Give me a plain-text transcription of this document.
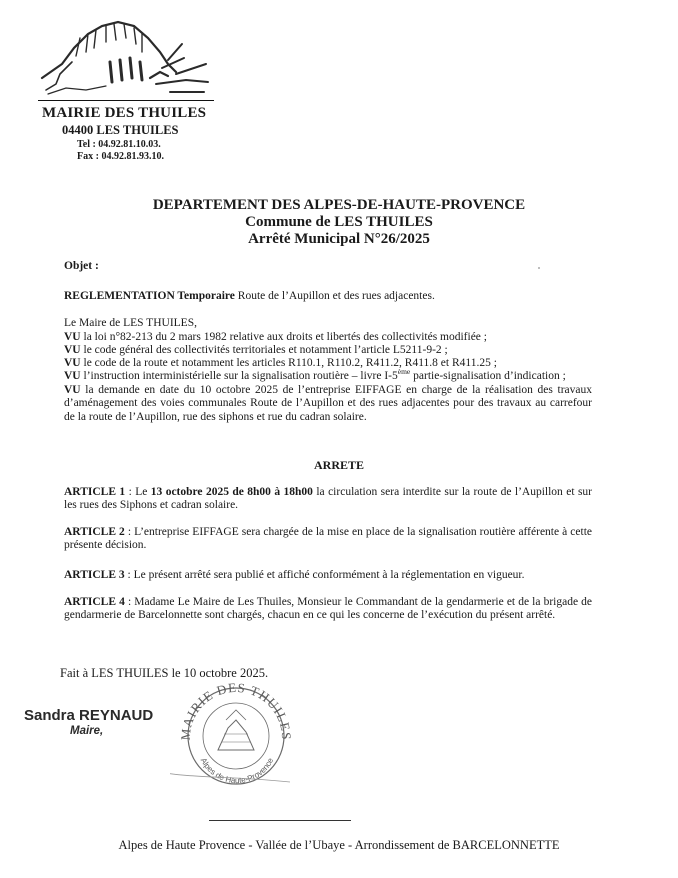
MAIRIE DES THUILES
04400 LES THUILES
Tel : 04.92.81.10.03.
Fax : 04.92.81.93.10.
DEPARTEMENT DES ALPES-DE-HAUTE-PROVENCE
Commune de LES THUILES
Arrêté Municipal N°26/2025
Objet :
REGLEMENTATION Temporaire Route de l’Aupillon et des rues adjacentes.
Le Maire de LES THUILES,
VU la loi n°82-213 du 2 mars 1982 relative aux droits et libertés des collectivités modifiée ;
VU le code général des collectivités territoriales et notamment l’article L5211-9-2 ;
VU le code de la route et notamment les articles R110.1, R110.2, R411.2, R411.8 et R411.25 ;
VU l’instruction interministérielle sur la signalisation routière – livre I-5ème partie-signalisation d’indication ;
VU la demande en date du 10 octobre 2025 de l’entreprise EIFFAGE en charge de la réalisation des travaux d’aménagement des voies communales Route de l’Aupillon et des rues adjacentes pour des travaux au carrefour de la route de l’Aupillon, rue des siphons et rue du cadran solaire.
ARRETE
ARTICLE 1 : Le 13 octobre 2025 de 8h00 à 18h00 la circulation sera interdite sur la route de l’Aupillon et sur les rues des Siphons et cadran solaire.
ARTICLE 2 : L’entreprise EIFFAGE sera chargée de la mise en place de la signalisation routière afférente à cette présente décision.
ARTICLE 3 : Le présent arrêté sera publié et affiché conformément à la réglementation en vigueur.
ARTICLE 4 : Madame Le Maire de Les Thuiles, Monsieur le Commandant de la gendarmerie et de la brigade de gendarmerie de Barcelonnette sont chargés, chacun en ce qui les concerne de l’exécution du présent arrêté.
Fait à LES THUILES le 10 octobre 2025.
MAIRIE DES THUILES
Alpes de Haute-Provence
Sandra REYNAUD
Maire,
Alpes de Haute Provence - Vallée de l’Ubaye - Arrondissement de BARCELONNETTE
